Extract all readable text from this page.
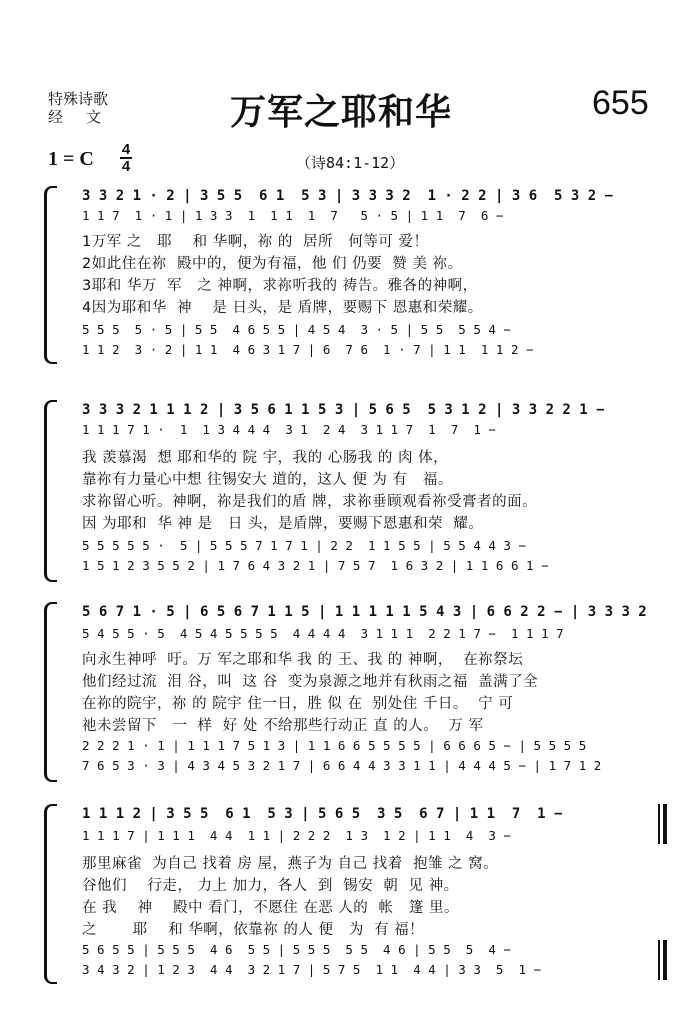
特殊诗歌
经　文	万军之耶和华	655
1 = C 4
4	（诗84:1-12）
3 3 2 1 · 2 | 3 5 5  6 1  5 3 | 3 3 3 2  1 · 2 2 | 3 6  5 3 2 −
1 1 7  1 · 1 | 1 3 3  1  1 1  1  7   5 · 5 | 1 1  7  6 −
1万军 之   耶    和 华啊，祢 的  居所   何等可 爱！
2如此住在祢  殿中的，便为有福，他 们 仍要  赞 美 祢。
3耶和 华万  军   之 神啊，求祢听我的 祷告。雅各的神啊，
4因为耶和华  神    是 日头，是 盾牌，要赐下 恩惠和荣耀。
5 5 5  5 · 5 | 5 5  4 6 5 5 | 4 5 4  3 · 5 | 5 5  5 5 4 −
1 1 2  3 · 2 | 1 1  4 6 3 1 7 | 6  7 6  1 · 7 | 1 1  1 1 2 −
3 3 3 2 1 1 1 2 | 3 5 6 1 1 5 3 | 5 6 5  5 3 1 2 | 3 3 2 2 1 −
1 1 1 7 1 ·  1  1 3 4 4 4  3 1  2 4  3 1 1 7  1  7  1 −
我 羡慕渴  想 耶和华的 院 宇，我的 心肠我 的 肉 体，
靠祢有力量心中想 往锡安大 道的，这人 便 为 有   福。
求祢留心听。神啊，祢是我们的盾 牌，求祢垂顾观看祢受膏者的面。
因 为耶和  华 神 是   日 头，是盾牌，要赐下恩惠和荣  耀。
5 5 5 5 5 ·  5 | 5 5 5 7 1 7 1 | 2 2  1 1 5 5 | 5 5 4 4 3 −
1 5 1 2 3 5 5 2 | 1 7 6 4 3 2 1 | 7 5 7  1 6 3 2 | 1 1 6 6 1 −
5 6 7 1 · 5 | 6 5 6 7 1 1 5 | 1 1 1 1 1 5 4 3 | 6 6 2 2 − | 3 3 3 2
5 4 5 5 · 5  4 5 4 5 5 5 5  4 4 4 4  3 1 1 1  2 2 1 7 −  1 1 1 7
向永生神呼  吁。万 军之耶和华 我 的 王、我 的 神啊，  在祢祭坛
他们经过流  泪 谷，叫  这 谷  变为泉源之地并有秋雨之福  盖满了全
在祢的院宇，祢 的 院宇 住一日，胜 似 在  别处住 千日。  宁 可
祂未尝留下   一  样  好 处 不给那些行动正 直 的人。  万 军
2 2 2 1 · 1 | 1 1 1 7 5 1 3 | 1 1 6 6 5 5 5 5 | 6 6 6 5 − | 5 5 5 5
7 6 5 3 · 3 | 4 3 4 5 3 2 1 7 | 6 6 4 4 3 3 1 1 | 4 4 4 5 − | 1 7 1 2
1 1 1 2 | 3 5 5  6 1  5 3 | 5 6 5  3 5  6 7 | 1 1  7  1 −
1 1 1 7 | 1 1 1  4 4  1 1 | 2 2 2  1 3  1 2 | 1 1  4  3 −
那里麻雀  为自己 找着 房 屋，燕子为 自己 找着  抱雏 之 窝。
谷他们    行走， 力上 加力，各人  到  锡安  朝  见 神。
在 我    神    殿中 看门，不愿住 在恶 人的  帐   篷 里。
之       耶    和 华啊，依靠祢 的人 便   为  有 福！
5 6 5 5 | 5 5 5  4 6  5 5 | 5 5 5  5 5  4 6 | 5 5  5  4 −
3 4 3 2 | 1 2 3  4 4  3 2 1 7 | 5 7 5  1 1  4 4 | 3 3  5  1 −
